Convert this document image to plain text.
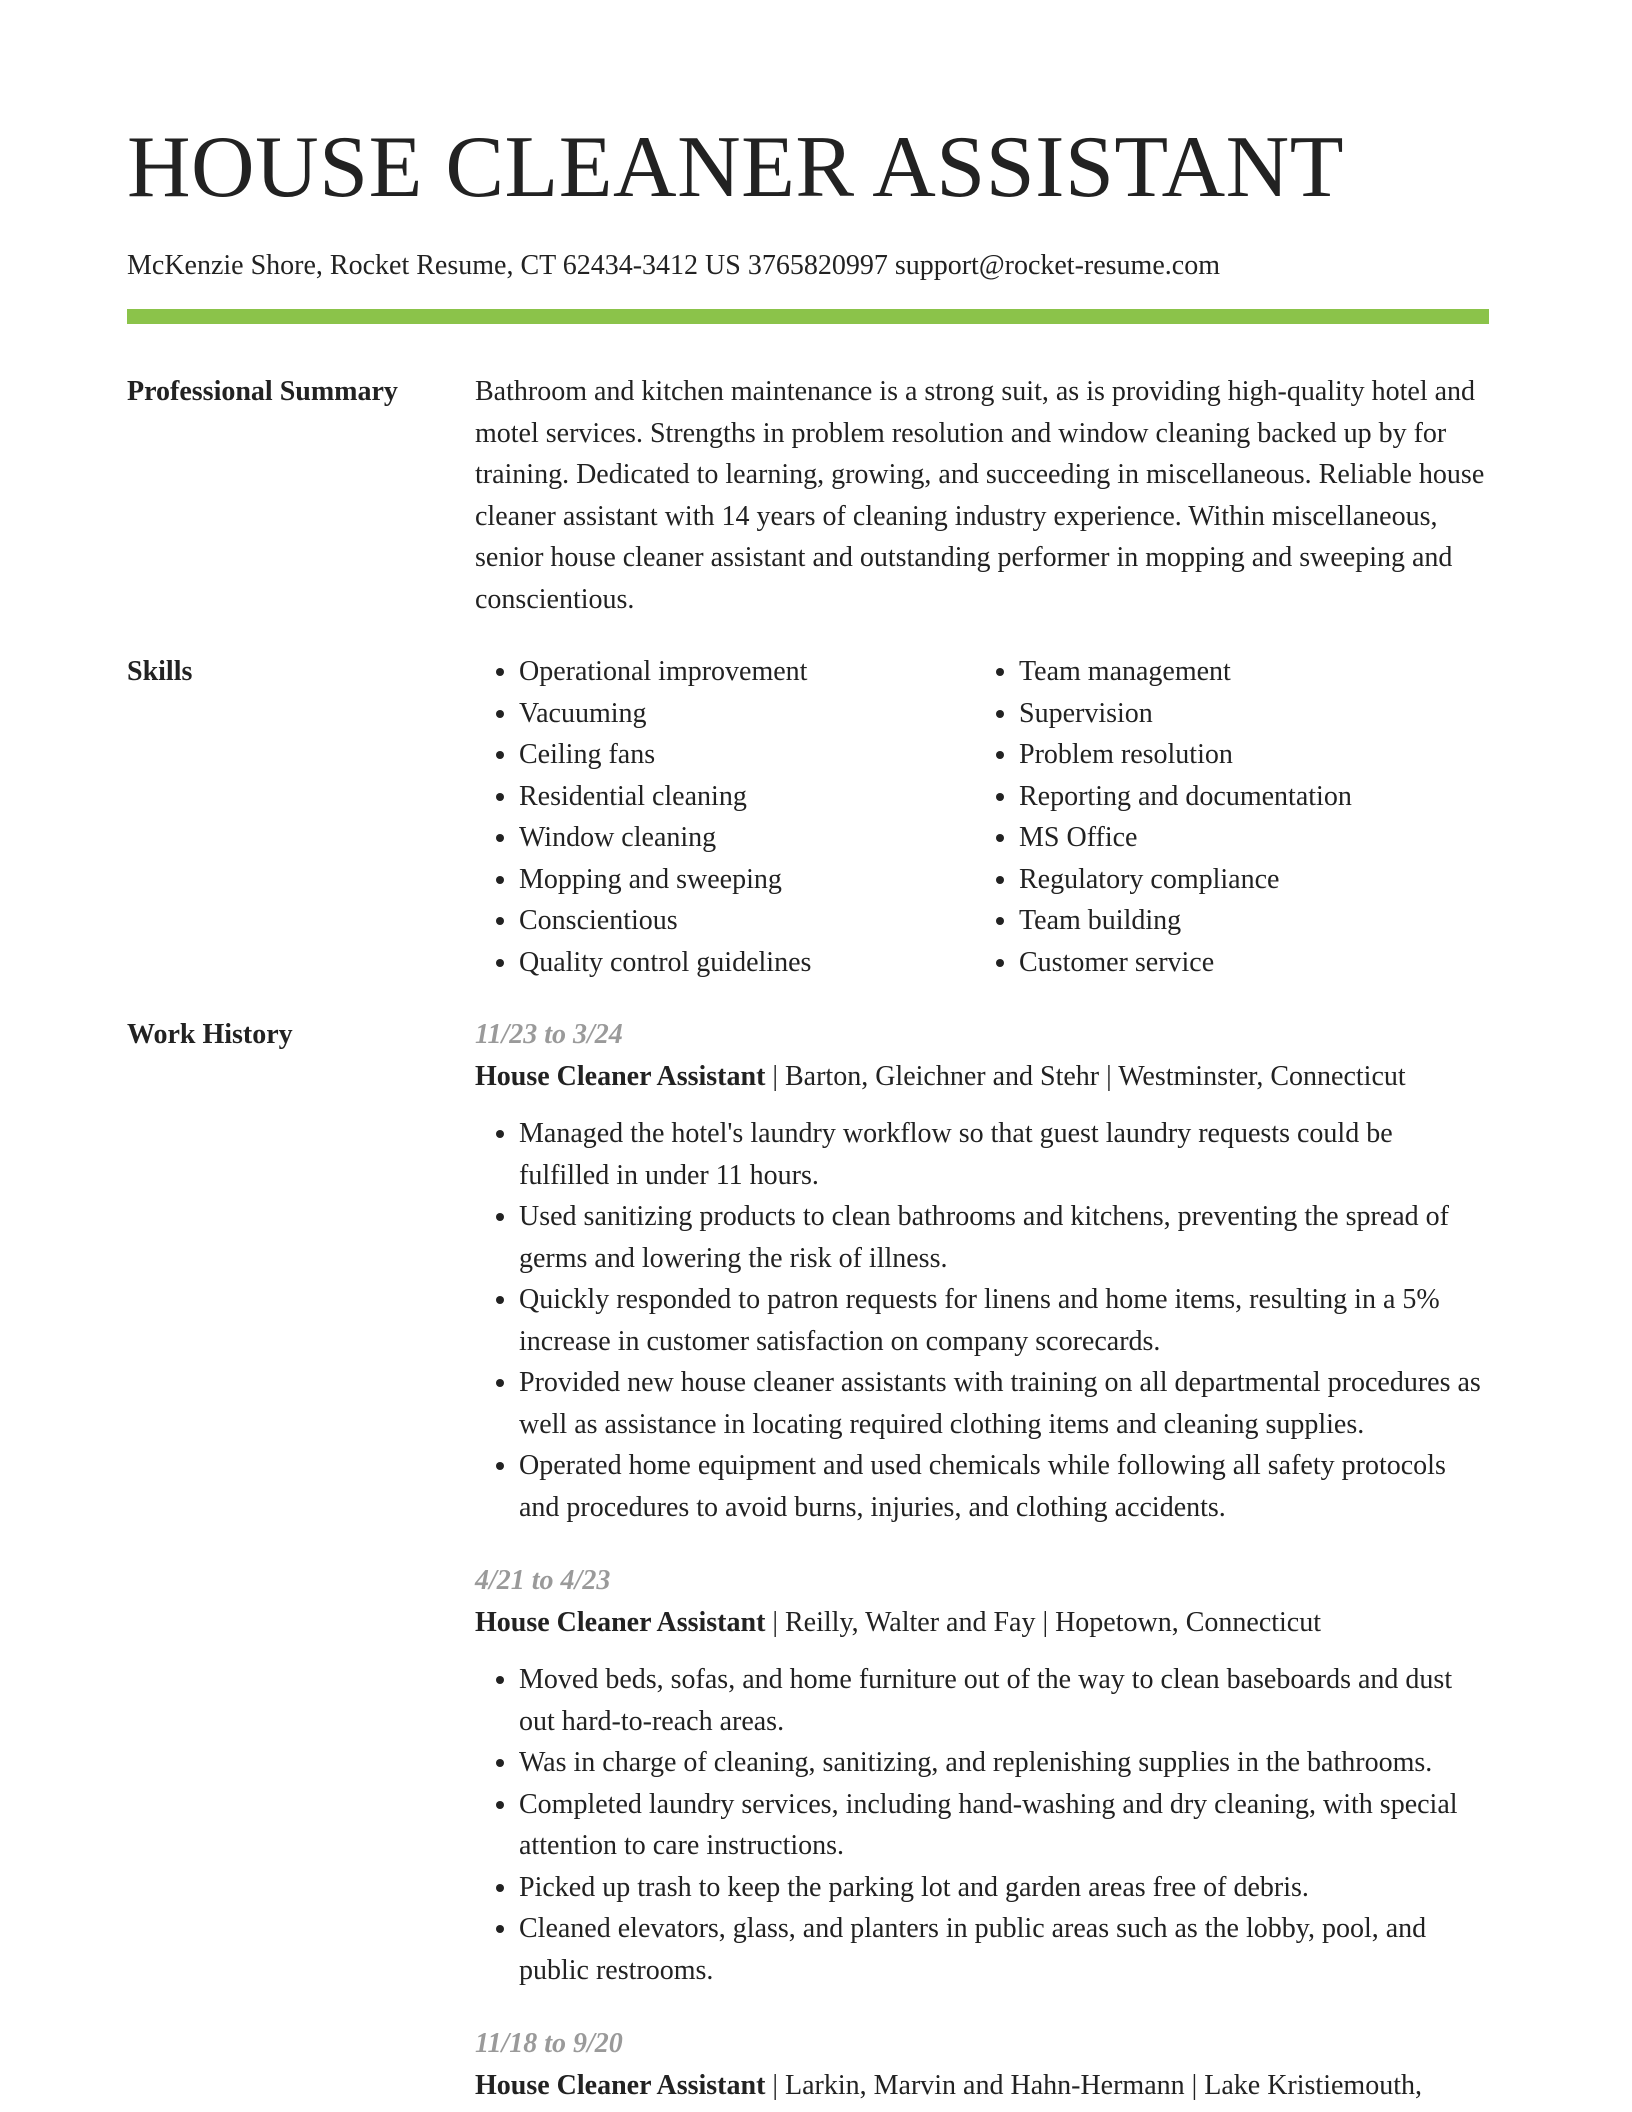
HOUSE CLEANER ASSISTANT
McKenzie Shore, Rocket Resume, CT 62434-3412 US 3765820997 support@rocket-resume.com
Professional Summary	Bathroom and kitchen maintenance is a strong suit, as is providing high-quality hotel and motel services. Strengths in problem resolution and window cleaning backed up by for training. Dedicated to learning, growing, and succeeding in miscellaneous. Reliable house cleaner assistant with 14 years of cleaning industry experience. Within miscellaneous, senior house cleaner assistant and outstanding performer in mopping and sweeping and conscientious.
Skills
•	Operational improvement
• Vacuuming
• Ceiling fans
• Residential cleaning
• Window cleaning
• Mopping and sweeping
• Conscientious
• Quality control guidelines
• Team management
• Supervision
• Problem resolution
• Reporting and documentation
• MS Office
• Regulatory compliance
• Team building
• Customer service
Work History	11/23 to 3/24
House Cleaner Assistant | Barton, Gleichner and Stehr | Westminster, Connecticut
• Managed the hotel's laundry workflow so that guest laundry requests could be fulfilled in under 11 hours.
• Used sanitizing products to clean bathrooms and kitchens, preventing the spread of germs and lowering the risk of illness.
• Quickly responded to patron requests for linens and home items, resulting in a 5% increase in customer satisfaction on company scorecards.
• Provided new house cleaner assistants with training on all departmental procedures as well as assistance in locating required clothing items and cleaning supplies.
• Operated home equipment and used chemicals while following all safety protocols and procedures to avoid burns, injuries, and clothing accidents.
4/21 to 4/23
House Cleaner Assistant | Reilly, Walter and Fay | Hopetown, Connecticut
• Moved beds, sofas, and home furniture out of the way to clean baseboards and dust out hard-to-reach areas.
• Was in charge of cleaning, sanitizing, and replenishing supplies in the bathrooms.
• Completed laundry services, including hand-washing and dry cleaning, with special attention to care instructions.
• Picked up trash to keep the parking lot and garden areas free of debris.
• Cleaned elevators, glass, and planters in public areas such as the lobby, pool, and public restrooms.
11/18 to 9/20
House Cleaner Assistant | Larkin, Marvin and Hahn-Hermann | Lake Kristiemouth,
